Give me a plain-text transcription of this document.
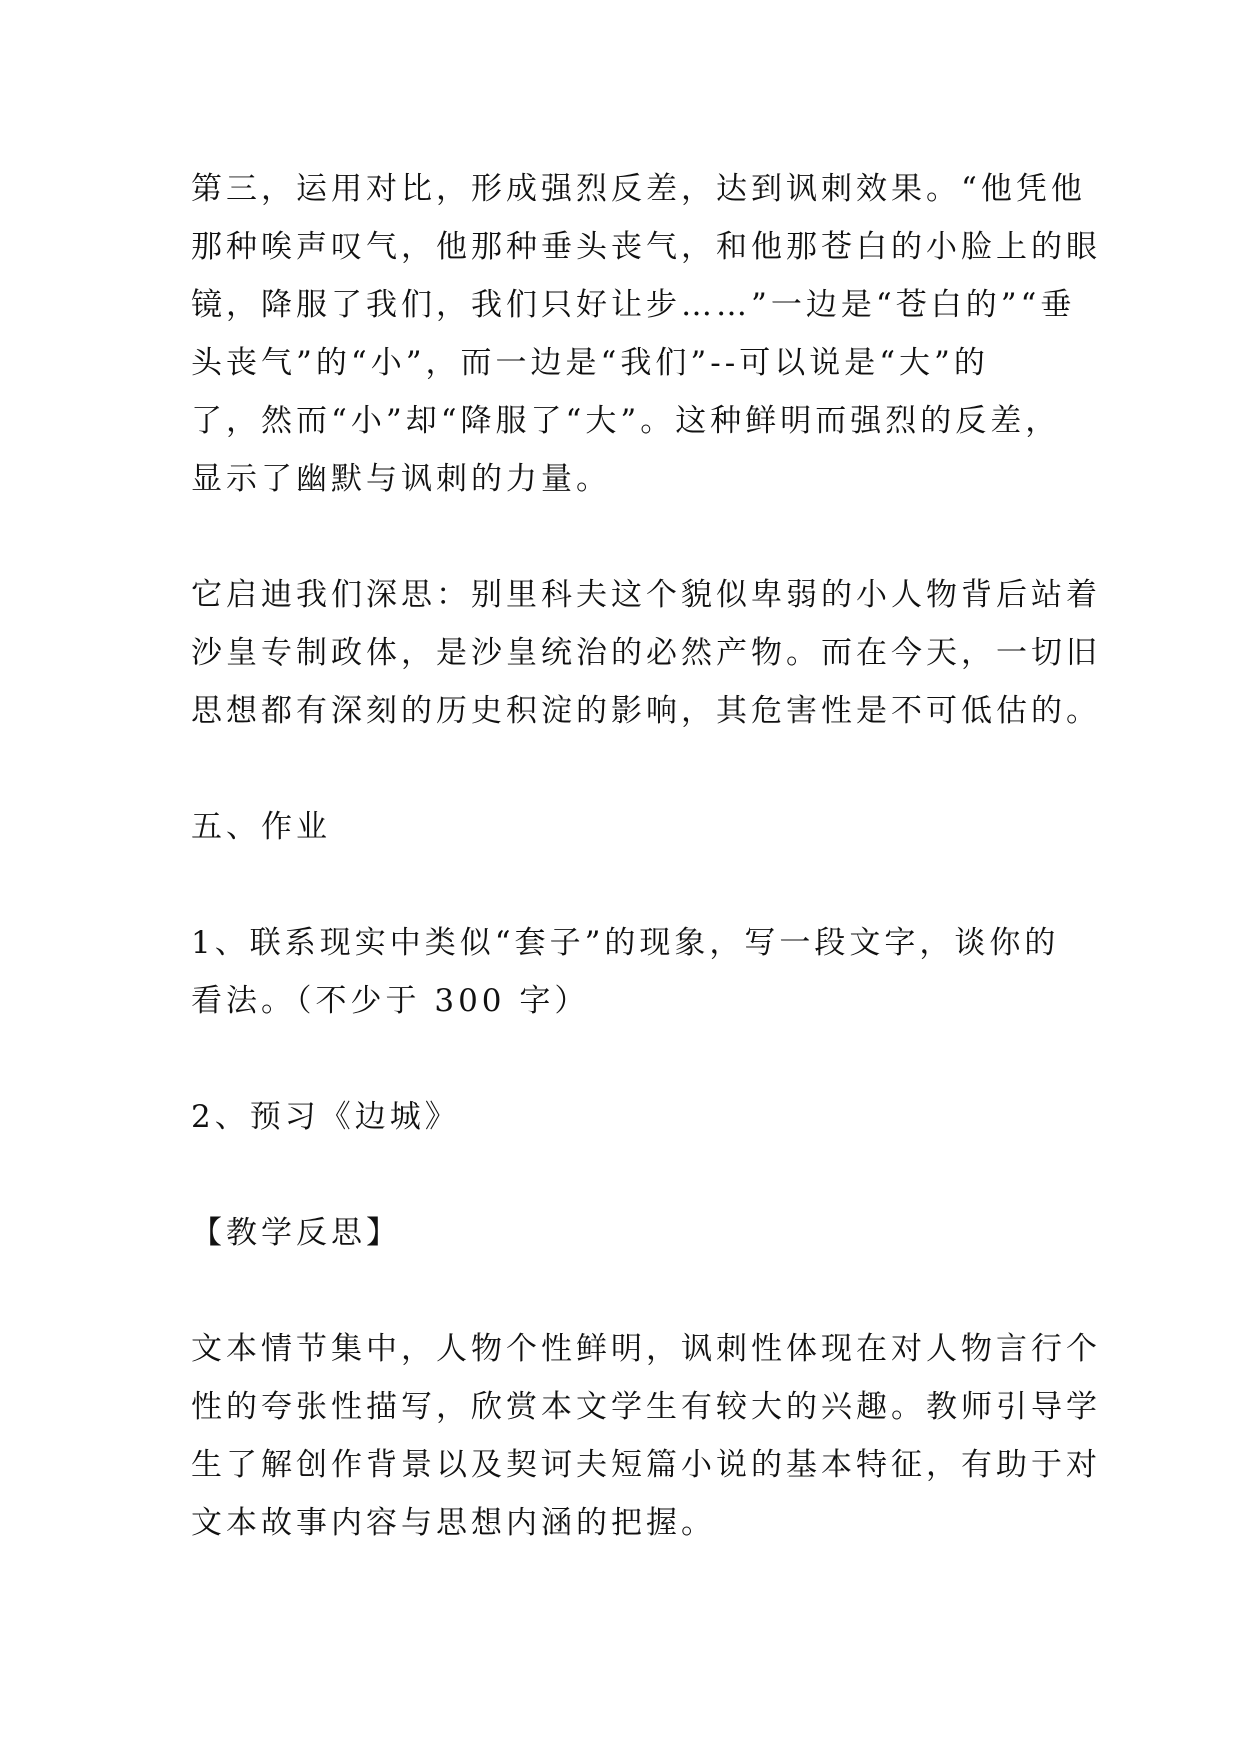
第三，运用对比，形成强烈反差，达到讽刺效果。“他凭他
那种唉声叹气，他那种垂头丧气，和他那苍白的小脸上的眼
镜，降服了我们，我们只好让步……”一边是“苍白的”“垂
头丧气”的“小”，而一边是“我们”--可以说是“大”的
了，然而“小”却“降服了“大”。这种鲜明而强烈的反差，
显示了幽默与讽刺的力量。

它启迪我们深思：别里科夫这个貌似卑弱的小人物背后站着
沙皇专制政体，是沙皇统治的必然产物。而在今天，一切旧
思想都有深刻的历史积淀的影响，其危害性是不可低估的。

五、作业

1、联系现实中类似“套子”的现象，写一段文字，谈你的
看法。（不少于 300 字）

2、预习《边城》

【教学反思】

文本情节集中，人物个性鲜明，讽刺性体现在对人物言行个
性的夸张性描写，欣赏本文学生有较大的兴趣。教师引导学
生了解创作背景以及契诃夫短篇小说的基本特征，有助于对
文本故事内容与思想内涵的把握。
